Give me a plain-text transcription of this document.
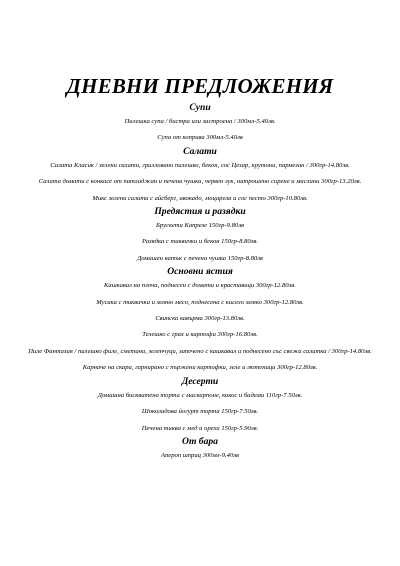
ДНЕВНИ ПРЕДЛОЖЕНИЯ

Супи

Пилешка супа / бистра или застроена / 300мл-5.40лв.

Супа от коприва 300мл-5.40лв

Салати

Салата Класик / зелени салати, грилловано пилешко, бекон, сос Цезар, крутони, пармезан / 300гр-14.80лв.

Салата домати с конкасе от патладжан и печени чушки, червен лук, натрошено сирене и маслини 300гр-13.20лв.

Микс зелени салати с айсберг, авокадо, моцарела и сос песто 300гр-10.80лв.

Предястия и разядки

Брускети Капрезе 150гр-9.80лв

Разядка с тиквички и бекон 150гр-8.80лв.

Домашен катък с печена чушка 150гр-8.80лв

Основни ястия

Кашкавал на плоча, поднесен с домати и краставици 300гр-12.80лв.

Мусака с тиквички и мляно месо, поднесена с кисело мляко 300гр-12.80лв.

Свинска кавърма 300гр-13.80лв.

Телешко с грах и картофи 300гр-16.80лв.

Пиле Фантазия / пилешко филе, сметана, зеленчуци, запечено с кашкавал и поднесено със свежа салатка / 300гр-14.80лв.

Карначе на скара, гарнирано с пържени картофки, зеле и лютеница 300гр-12.80лв.

Десерти

Домашна бисквитена торта с маскарпоне, кокос и бадеми 110гр-7.50лв.

Шоколадова йогурт торта 150гр-7.50лв.

Печена тиква с мед и орехи 150гр-5.90лв.

От бара

Апероп шприц 300мл-9.40лв
